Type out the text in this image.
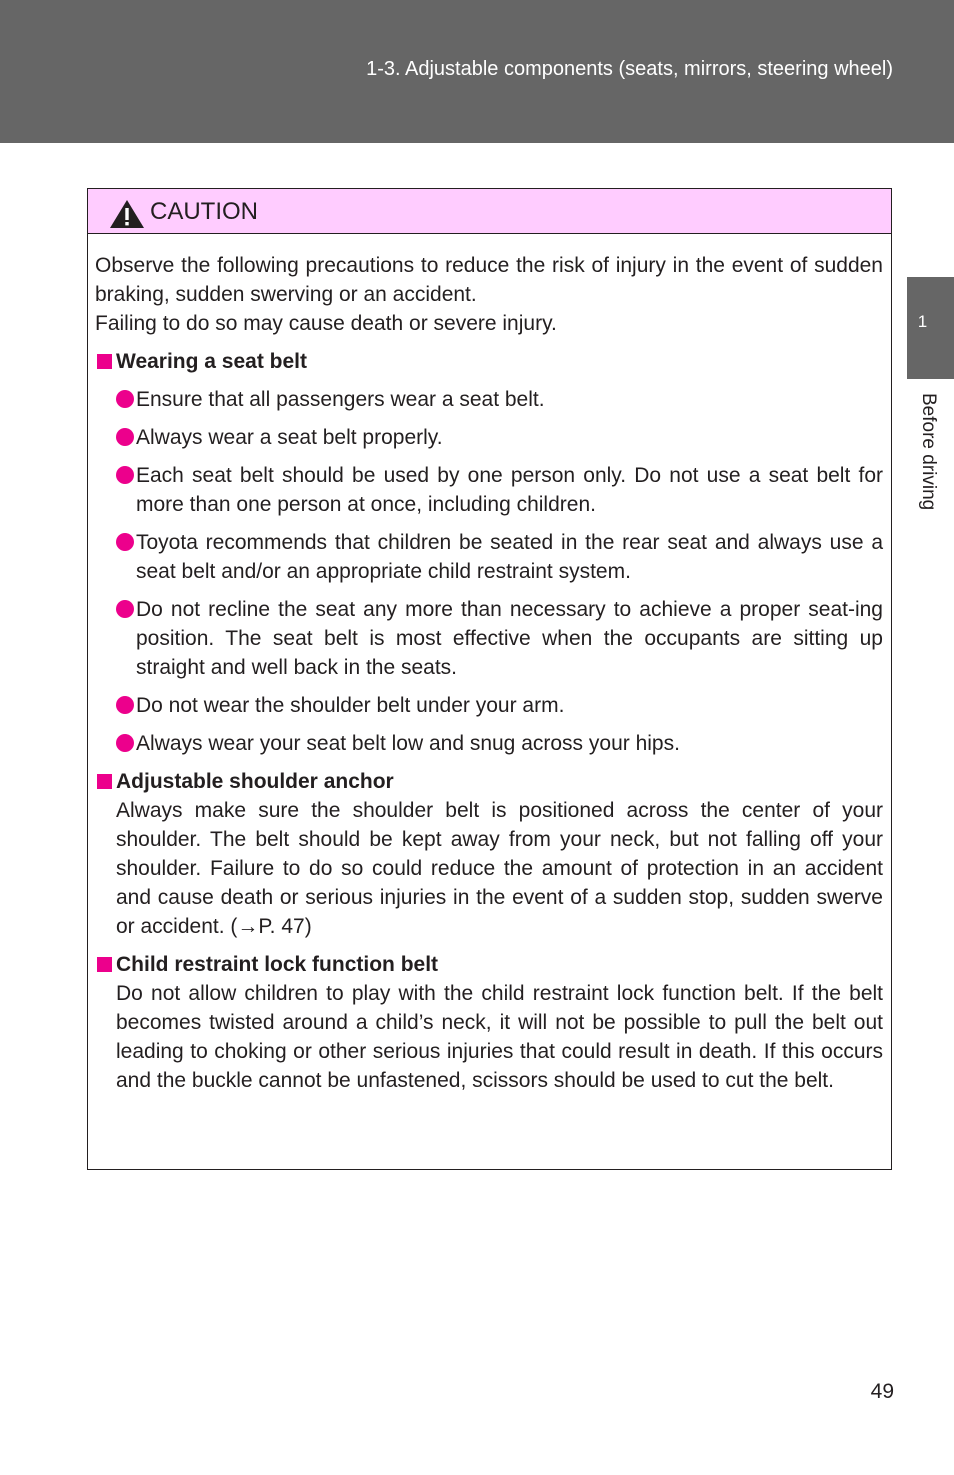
1-3. Adjustable components (seats, mirrors, steering wheel)
1
Before driving
CAUTION

Observe the following precautions to reduce the risk of injury in the event of sudden braking, sudden swerving or an accident.

Failing to do so may cause death or severe injury.

Wearing a seat belt
Ensure that all passengers wear a seat belt.
Always wear a seat belt properly.
Each seat belt should be used by one person only. Do not use a seat belt for more than one person at once, including children.
Toyota recommends that children be seated in the rear seat and always use a seat belt and/or an appropriate child restraint system.
Do not recline the seat any more than necessary to achieve a proper seat-ing position. The seat belt is most effective when the occupants are sitting up straight and well back in the seats.
Do not wear the shoulder belt under your arm.
Always wear your seat belt low and snug across your hips.
Adjustable shoulder anchor

Always make sure the shoulder belt is positioned across the center of your shoulder. The belt should be kept away from your neck, but not falling off your shoulder. Failure to do so could reduce the amount of protection in an accident and cause death or serious injuries in the event of a sudden stop, sudden swerve or accident. (→P. 47)

Child restraint lock function belt

Do not allow children to play with the child restraint lock function belt. If the belt becomes twisted around a child’s neck, it will not be possible to pull the belt out leading to choking or other serious injuries that could result in death. If this occurs and the buckle cannot be unfastened, scissors should be used to cut the belt.

49
